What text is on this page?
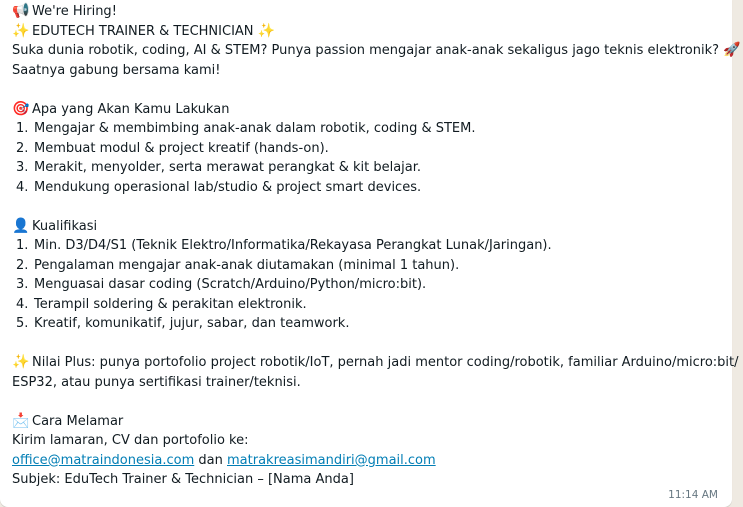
📢 We're Hiring!
✨ EDUTECH TRAINER & TECHNICIAN ✨
Suka dunia robotik, coding, AI & STEM? Punya passion mengajar anak-anak sekaligus jago teknis elektronik? 🚀
Saatnya gabung bersama kami!
🎯 Apa yang Akan Kamu Lakukan
1. Mengajar & membimbing anak-anak dalam robotik, coding & STEM.
2. Membuat modul & project kreatif (hands-on).
3. Merakit, menyolder, serta merawat perangkat & kit belajar.
4. Mendukung operasional lab/studio & project smart devices.
👤 Kualifikasi
1. Min. D3/D4/S1 (Teknik Elektro/Informatika/Rekayasa Perangkat Lunak/Jaringan).
2. Pengalaman mengajar anak-anak diutamakan (minimal 1 tahun).
3. Menguasai dasar coding (Scratch/Arduino/Python/micro:bit).
4. Terampil soldering & perakitan elektronik.
5. Kreatif, komunikatif, jujur, sabar, dan teamwork.
✨ Nilai Plus: punya portofolio project robotik/IoT, pernah jadi mentor coding/robotik, familiar Arduino/micro:bit/
ESP32, atau punya sertifikasi trainer/teknisi.
📩 Cara Melamar
Kirim lamaran, CV dan portofolio ke:
office@matraindonesia.com dan matrakreasimandiri@gmail.com
Subjek: EduTech Trainer & Technician – [Nama Anda]
11:14 AM
